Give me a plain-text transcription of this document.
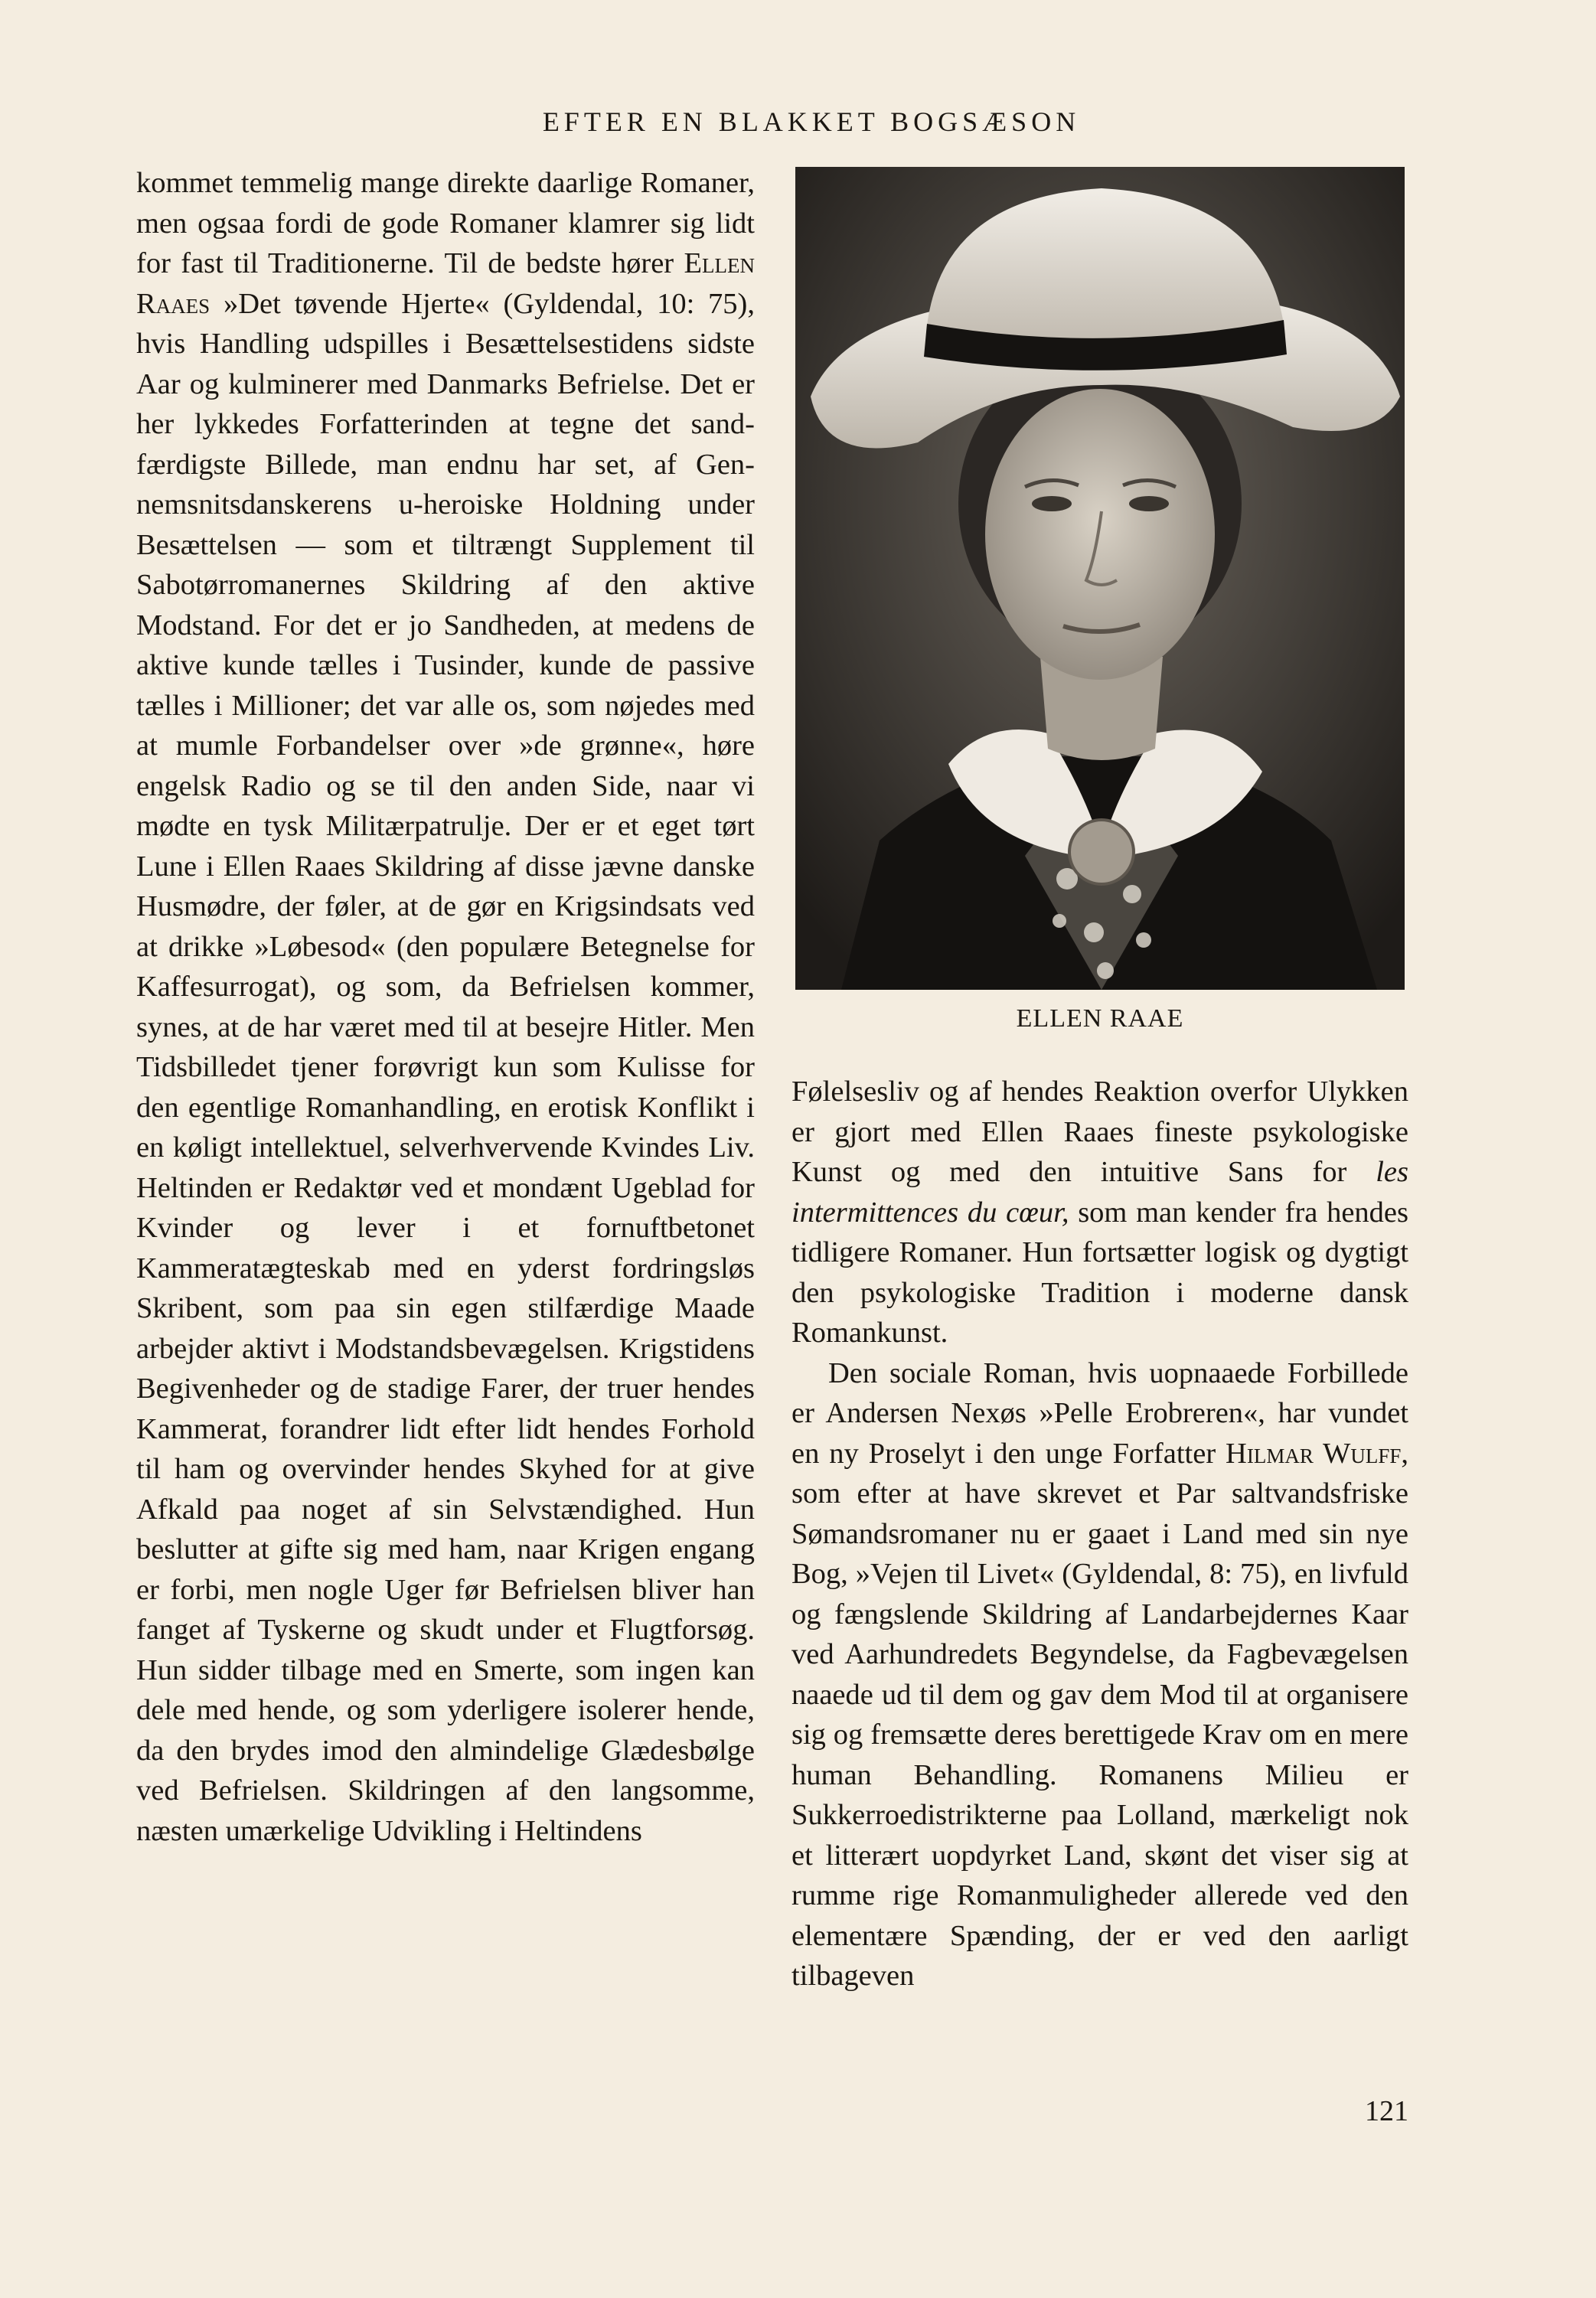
EFTER EN BLAKKET BOGSÆSON

kommet temmelig mange direkte daarlige Romaner, men ogsaa fordi de gode Romaner klamrer sig lidt for fast til Traditionerne. Til de bedste hører Ellen Raaes »Det tøvende Hjerte« (Gyldendal, 10: 75), hvis Handling udspilles i Besættelsestidens sidste Aar og kulminerer med Danmarks Befrielse. Det er her lykkedes Forfatterinden at tegne det sandfærdigste Billede, man endnu har set, af Gennemsnitsdanskerens u-heroiske Holdning under Besættelsen — som et tiltrængt Supplement til Sabotørromanernes Skildring af den aktive Modstand. For det er jo Sandheden, at medens de aktive kunde tælles i Tusinder, kunde de passive tælles i Millioner; det var alle os, som nøjedes med at mumle Forbandelser over »de grønne«, høre engelsk Radio og se til den anden Side, naar vi mødte en tysk Militærpatrulje. Der er et eget tørt Lune i Ellen Raaes Skildring af disse jævne danske Husmødre, der føler, at de gør en Krigsindsats ved at drikke »Løbesod« (den populære Betegnelse for Kaffesurrogat), og som, da Befrielsen kommer, synes, at de har været med til at besejre Hitler. Men Tidsbilledet tjener forøvrigt kun som Kulisse for den egentlige Romanhandling, en erotisk Konflikt i en køligt intellektuel, selverhvervende Kvindes Liv. Heltinden er Redaktør ved et mondænt Ugeblad for Kvinder og lever i et fornuftbetonet Kammeratægteskab med en yderst fordringsløs Skribent, som paa sin egen stilfærdige Maade arbejder aktivt i Modstandsbevægelsen. Krigstidens Begivenheder og de stadige Farer, der truer hendes Kammerat, forandrer lidt efter lidt hendes Forhold til ham og overvinder hendes Skyhed for at give Afkald paa noget af sin Selvstændighed. Hun beslutter at gifte sig med ham, naar Krigen engang er forbi, men nogle Uger før Befrielsen bliver han fanget af Tyskerne og skudt under et Flugtforsøg. Hun sidder tilbage med en Smerte, som ingen kan dele med hende, og som yderligere isolerer hende, da den brydes imod den almindelige Glædesbølge ved Befrielsen. Skildringen af den langsomme, næsten umærkelige Udvikling i Heltindens

ELLEN RAAE

Følelsesliv og af hendes Reaktion overfor Ulykken er gjort med Ellen Raaes fineste psykologiske Kunst og med den intuitive Sans for les intermittences du cœur, som man kender fra hendes tidligere Romaner. Hun fortsætter logisk og dygtigt den psykologiske Tradition i moderne dansk Romankunst.

Den sociale Roman, hvis uopnaaede Forbillede er Andersen Nexøs »Pelle Erobreren«, har vundet en ny Proselyt i den unge Forfatter Hilmar Wulff, som efter at have skrevet et Par saltvandsfriske Sømandsromaner nu er gaaet i Land med sin nye Bog, »Vejen til Livet« (Gyldendal, 8: 75), en livfuld og fængslende Skildring af Landarbejdernes Kaar ved Aarhundredets Begyndelse, da Fagbevægelsen naaede ud til dem og gav dem Mod til at organisere sig og fremsætte deres berettigede Krav om en mere human Behandling. Romanens Milieu er Sukkerroedistrikterne paa Lolland, mærkeligt nok et litterært uopdyrket Land, skønt det viser sig at rumme rige Romanmuligheder allerede ved den elementære Spænding, der er ved den aarligt tilbageven

121
